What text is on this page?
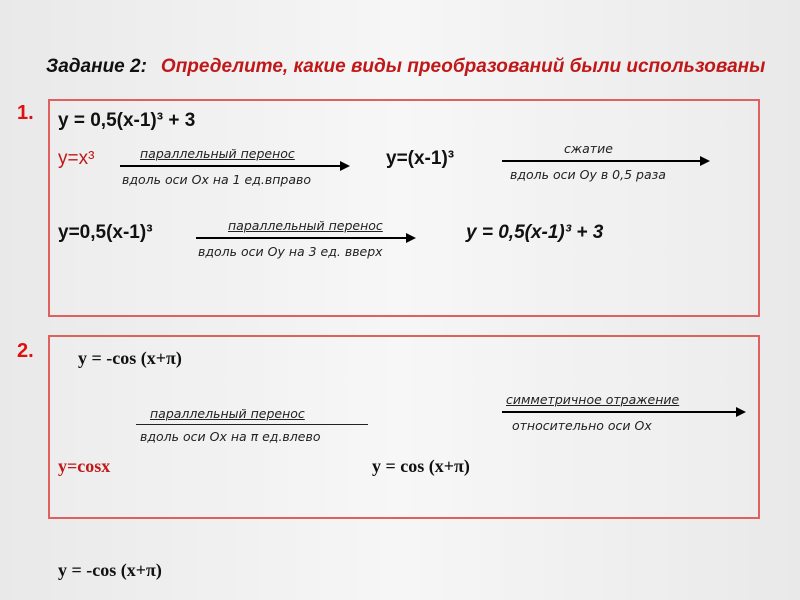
Задание 2: Определите, какие виды преобразований были использованы
1. у = 0,5(х-1)³ + 3
у=х³	параллельный перенос
вдоль оси Ох на 1 ед.вправо
у=(х-1)³	сжатие
вдоль оси Оу в 0,5 раза
у=0,5(х-1)³	параллельный перенос
вдоль оси Оу на 3 ед. вверх
у = 0,5(х-1)³ + 3
2. у = -cos (х+π)
симметричное отражение
относительно оси Ох
параллельный перенос
вдоль оси Ох на π ед.влево
у=cosx	у = cos (х+π)
у = -cos (х+π)
